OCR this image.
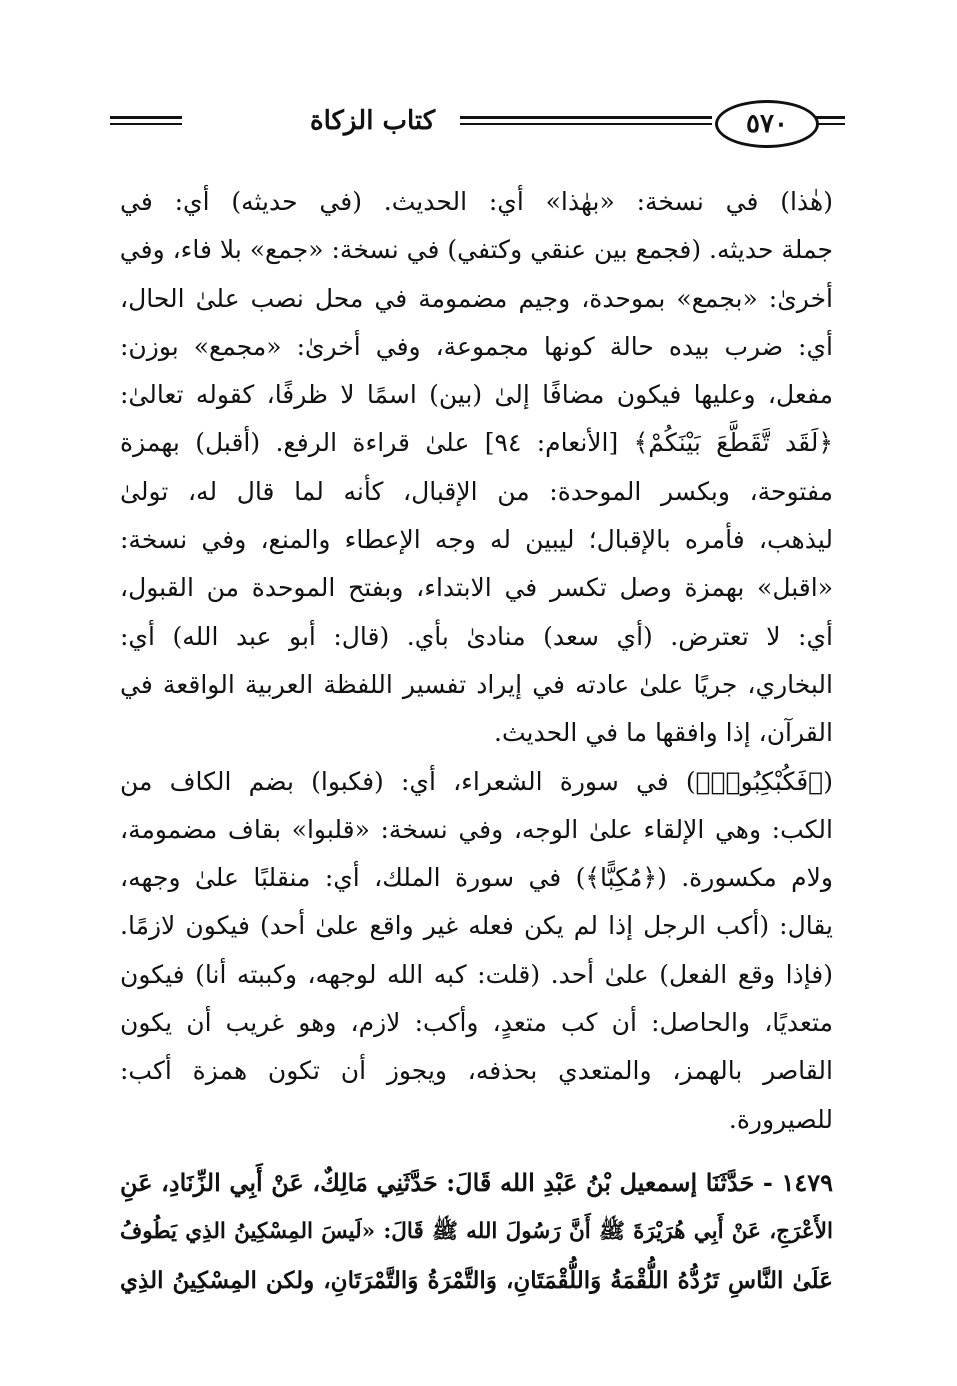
٥٧٠
كتاب الزكاة
(هٰذا) في نسخة: «بهٰذا» أي: الحديث. (في حديثه) أي: في
جملة حديثه. (فجمع بين عنقي وكتفي) في نسخة: «جمع» بلا فاء، وفي
أخرىٰ: «بجمع» بموحدة، وجيم مضمومة في محل نصب علىٰ الحال،
أي: ضرب بيده حالة كونها مجموعة، وفي أخرىٰ: «مجمع» بوزن:
مفعل، وعليها فيكون مضافًا إلىٰ (بين) اسمًا لا ظرفًا، كقوله تعالىٰ:
﴿لَقَد تَّقَطَّعَ بَيْنَكُمْ﴾ [الأنعام: ٩٤] علىٰ قراءة الرفع. (أقبل) بهمزة
مفتوحة، وبكسر الموحدة: من الإقبال، كأنه لما قال له، تولىٰ
ليذهب، فأمره بالإقبال؛ ليبين له وجه الإعطاء والمنع، وفي نسخة:
«اقبل» بهمزة وصل تكسر في الابتداء، وبفتح الموحدة من القبول،
أي: لا تعترض. (أي سعد) منادىٰ بأي. (قال: أبو عبد الله) أي:
البخاري، جريًا علىٰ عادته في إيراد تفسير اللفظة العربية الواقعة في
القرآن، إذا وافقها ما في الحديث.
(﴿فَكُبْكِبُوا۟﴾) في سورة الشعراء، أي: (فكبوا) بضم الكاف من
الكب: وهي الإلقاء علىٰ الوجه، وفي نسخة: «قلبوا» بقاف مضمومة،
ولام مكسورة. (﴿مُكِبًّا﴾) في سورة الملك، أي: منقلبًا علىٰ وجهه،
يقال: (أكب الرجل إذا لم يكن فعله غير واقع علىٰ أحد) فيكون لازمًا.
(فإذا وقع الفعل) علىٰ أحد. (قلت: كبه الله لوجهه، وكببته أنا) فيكون
متعديًا، والحاصل: أن كب متعدٍ، وأكب: لازم، وهو غريب أن يكون
القاصر بالهمز، والمتعدي بحذفه، ويجوز أن تكون همزة أكب:
للصيرورة.
١٤٧٩ - حَدَّثَنَا إسمعيل بْنُ عَبْدِ الله قَالَ: حَدَّثَنِي مَالِكٌ، عَنْ أَبِي الزِّنَادِ، عَنِ
الأَعْرَجِ، عَنْ أَبِي هُرَيْرَةَ ﷺ أَنَّ رَسُولَ الله ﷺ قَالَ: «لَيسَ المِسْكِينُ الذِي يَطُوفُ
عَلَىٰ النَّاسِ تَرُدُّهُ اللُّقْمَةُ وَاللُّقْمَتَانِ، وَالتَّمْرَةُ وَالتَّمْرَتَانِ، ولكن المِسْكِينُ الذِي
